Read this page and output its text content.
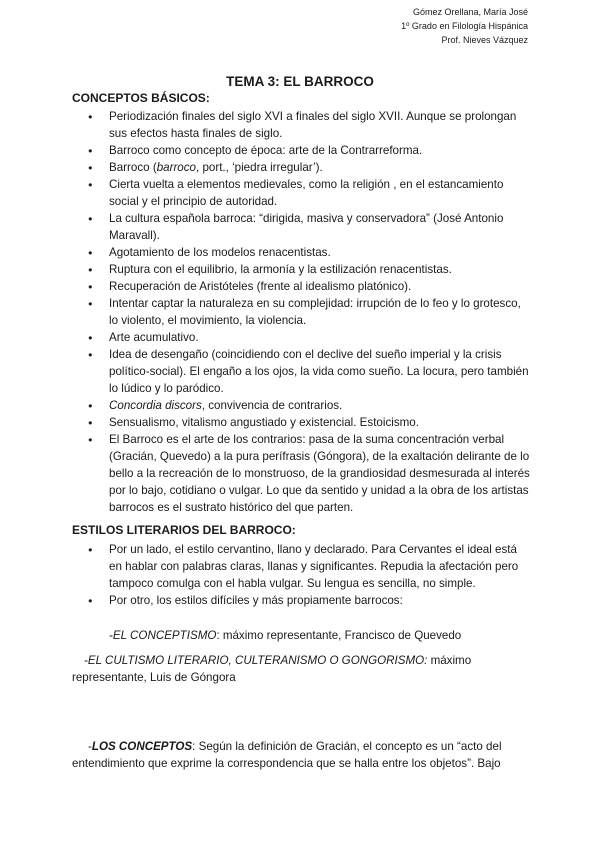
Gómez Orellana, María José
1º Grado en Filología Hispánica
Prof. Nieves Vázquez
TEMA 3: EL BARROCO
CONCEPTOS BÁSICOS:
● Periodización finales del siglo XVI a finales del siglo XVII. Aunque se prolongan sus efectos hasta finales de siglo.
● Barroco como concepto de época: arte de la Contrarreforma.
● Barroco (barroco, port., ‘piedra irregular’).
● Cierta vuelta a elementos medievales, como la religión , en el estancamiento social y el principio de autoridad.
● La cultura española barroca: “dirigida, masiva y conservadora” (José Antonio Maravall).
● Agotamiento de los modelos renacentistas.
● Ruptura con el equilibrio, la armonía y la estilización renacentistas.
● Recuperación de Aristóteles (frente al idealismo platónico).
● Intentar captar la naturaleza en su complejidad: irrupción de lo feo y lo grotesco, lo violento, el movimiento, la violencia.
● Arte acumulativo.
● Idea de desengaño (coincidiendo con el declive del sueño imperial y la crisis político-social). El engaño a los ojos, la vida como sueño. La locura, pero también lo lúdico y lo paródico.
● Concordia discors, convivencia de contrarios.
● Sensualismo, vitalismo angustiado y existencial. Estoicismo.
● El Barroco es el arte de los contrarios: pasa de la suma concentración verbal (Gracián, Quevedo) a la pura perífrasis (Góngora), de la exaltación delirante de lo bello a la recreación de lo monstruoso, de la grandiosidad desmesurada al interés por lo bajo, cotidiano o vulgar. Lo que da sentido y unidad a la obra de los artistas barrocos es el sustrato histórico del que parten.
ESTILOS LITERARIOS DEL BARROCO:
● Por un lado, el estilo cervantino, llano y declarado. Para Cervantes el ideal está en hablar con palabras claras, llanas y significantes. Repudia la afectación pero tampoco comulga con el habla vulgar. Su lengua es sencilla, no simple.
● Por otro, los estilos difíciles y más propiamente barrocos:
-EL CONCEPTISMO: máximo representante, Francisco de Quevedo
-EL CULTISMO LITERARIO, CULTERANISMO O GONGORISMO: máximo representante, Luis de Góngora
-LOS CONCEPTOS: Según la definición de Gracián, el concepto es un “acto del entendimiento que exprime la correspondencia que se halla entre los objetos”. Bajo
